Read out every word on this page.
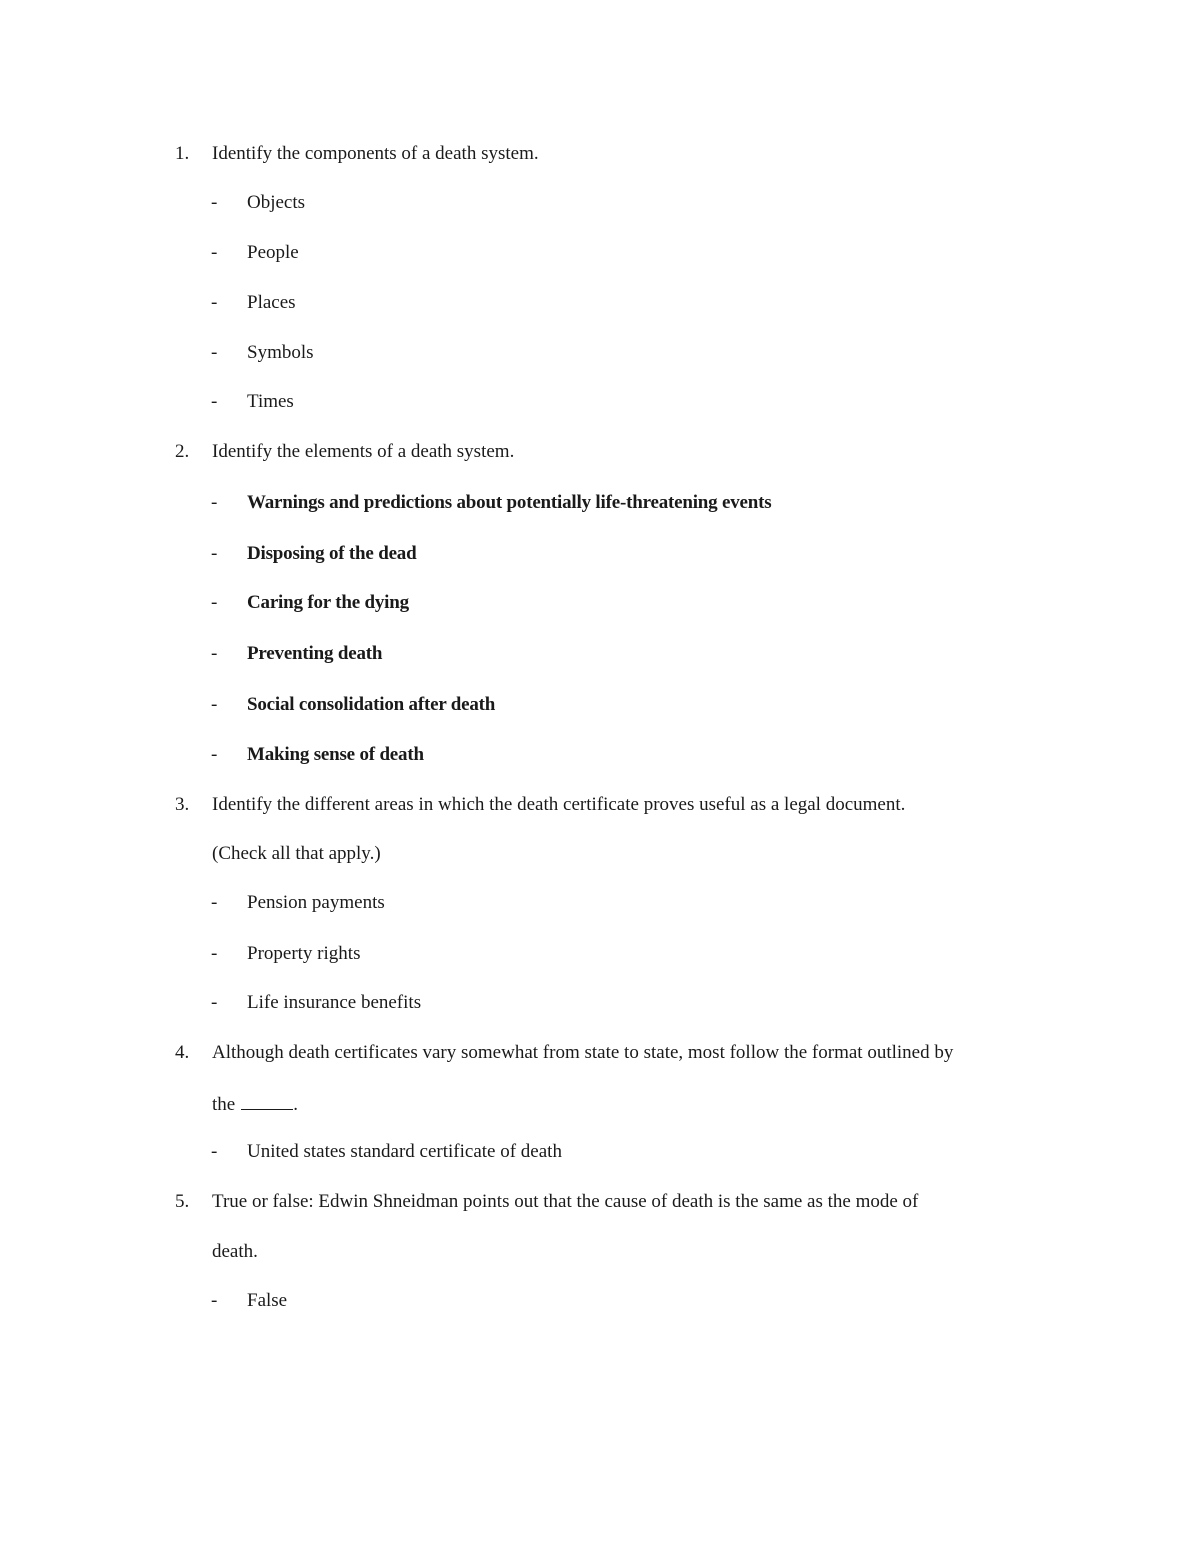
1. Identify the components of a death system.
- Objects
- People
- Places
- Symbols
- Times
2. Identify the elements of a death system.
- Warnings and predictions about potentially life-threatening events
- Disposing of the dead
- Caring for the dying
- Preventing death
- Social consolidation after death
- Making sense of death
3. Identify the different areas in which the death certificate proves useful as a legal document.
(Check all that apply.)
- Pension payments
- Property rights
- Life insurance benefits
4. Although death certificates vary somewhat from state to state, most follow the format outlined by
the	.
- United states standard certificate of death
5. True or false: Edwin Shneidman points out that the cause of death is the same as the mode of
death.
- False
